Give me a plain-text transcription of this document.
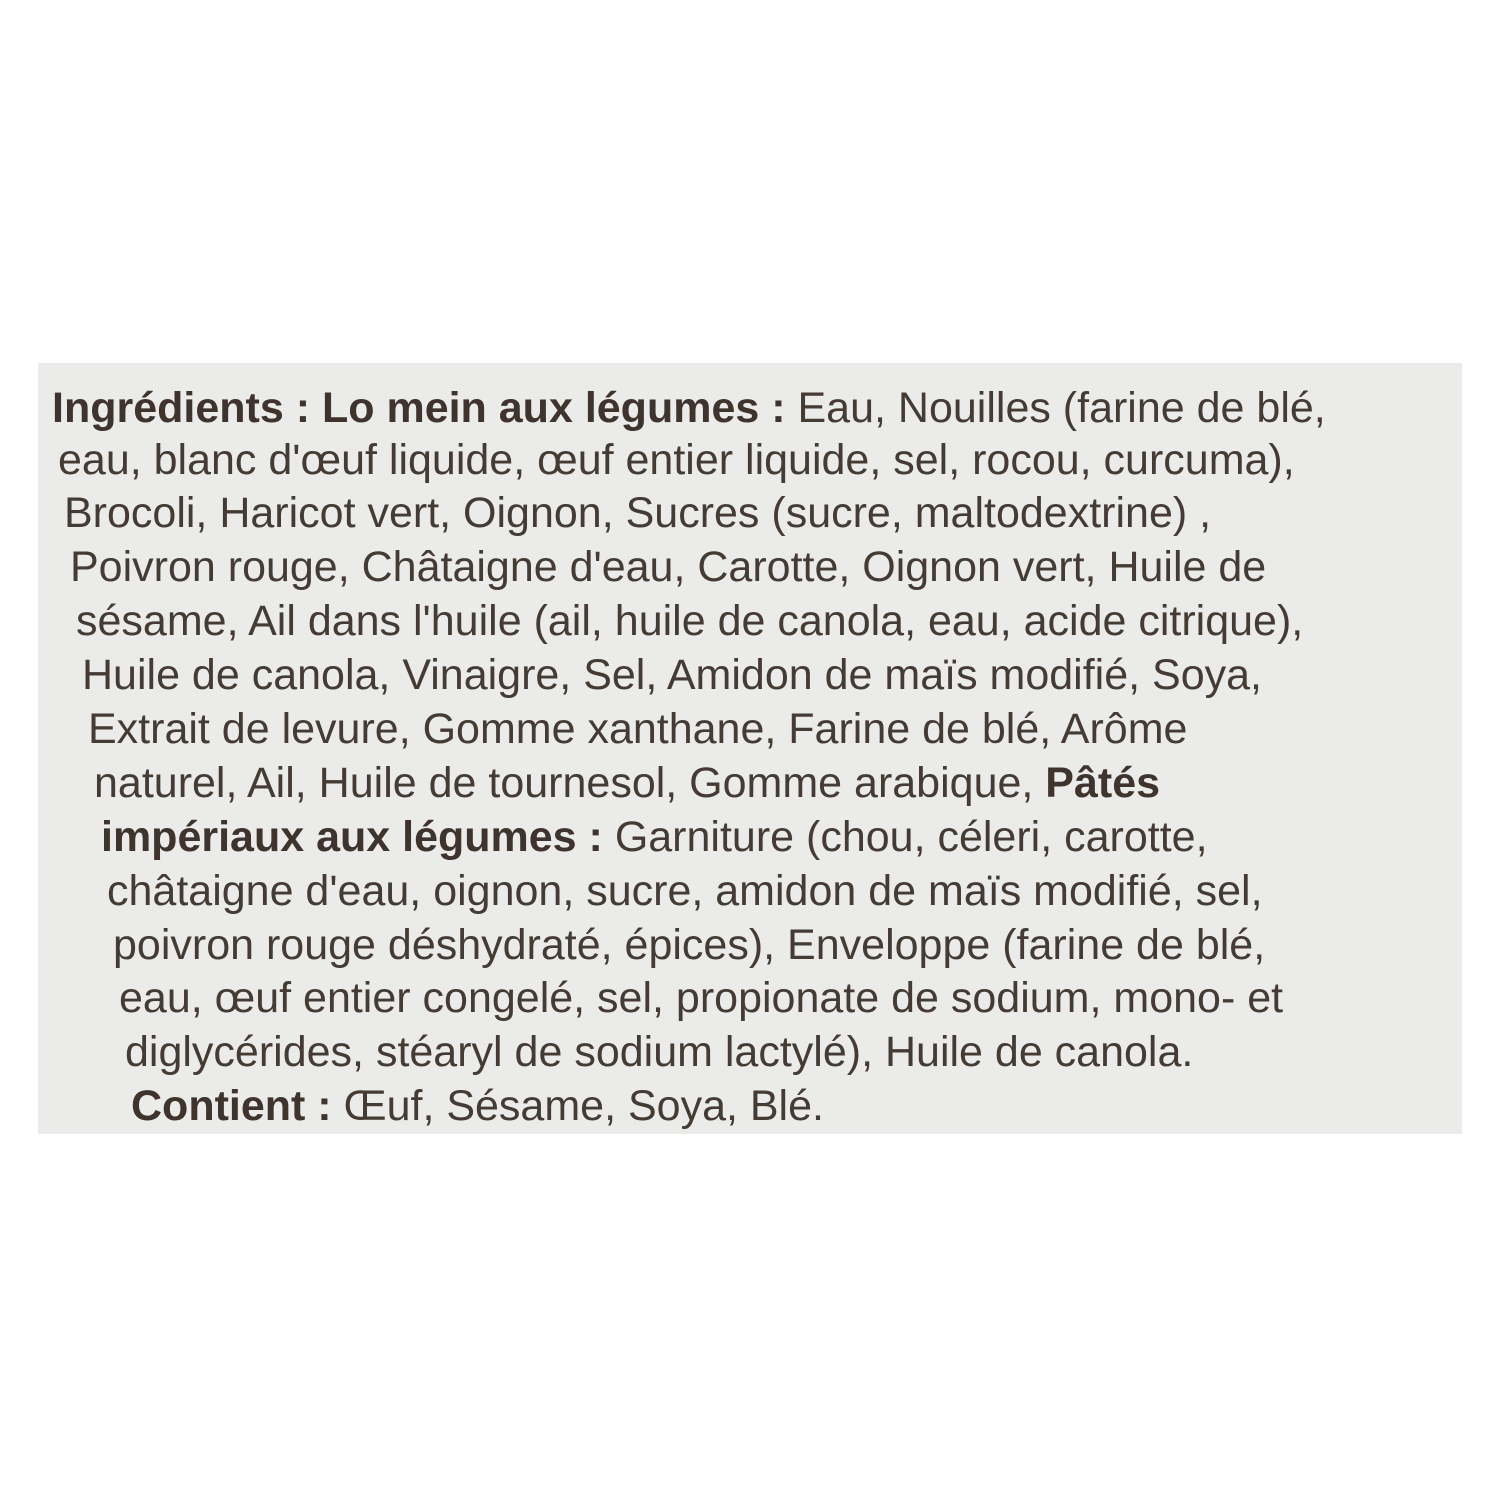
Ingrédients : Lo mein aux légumes : Eau, Nouilles (farine de blé,
eau, blanc d'œuf liquide, œuf entier liquide, sel, rocou, curcuma),
Brocoli, Haricot vert, Oignon, Sucres (sucre, maltodextrine) ,
Poivron rouge, Châtaigne d'eau, Carotte, Oignon vert, Huile de
sésame, Ail dans l'huile (ail, huile de canola, eau, acide citrique),
Huile de canola, Vinaigre, Sel, Amidon de maïs modifié, Soya,
Extrait de levure, Gomme xanthane, Farine de blé, Arôme
naturel, Ail, Huile de tournesol, Gomme arabique, Pâtés
impériaux aux légumes : Garniture (chou, céleri, carotte,
châtaigne d'eau, oignon, sucre, amidon de maïs modifié, sel,
poivron rouge déshydraté, épices), Enveloppe (farine de blé,
eau, œuf entier congelé, sel, propionate de sodium, mono- et
diglycérides, stéaryl de sodium lactylé), Huile de canola.
Contient : Œuf, Sésame, Soya, Blé.
